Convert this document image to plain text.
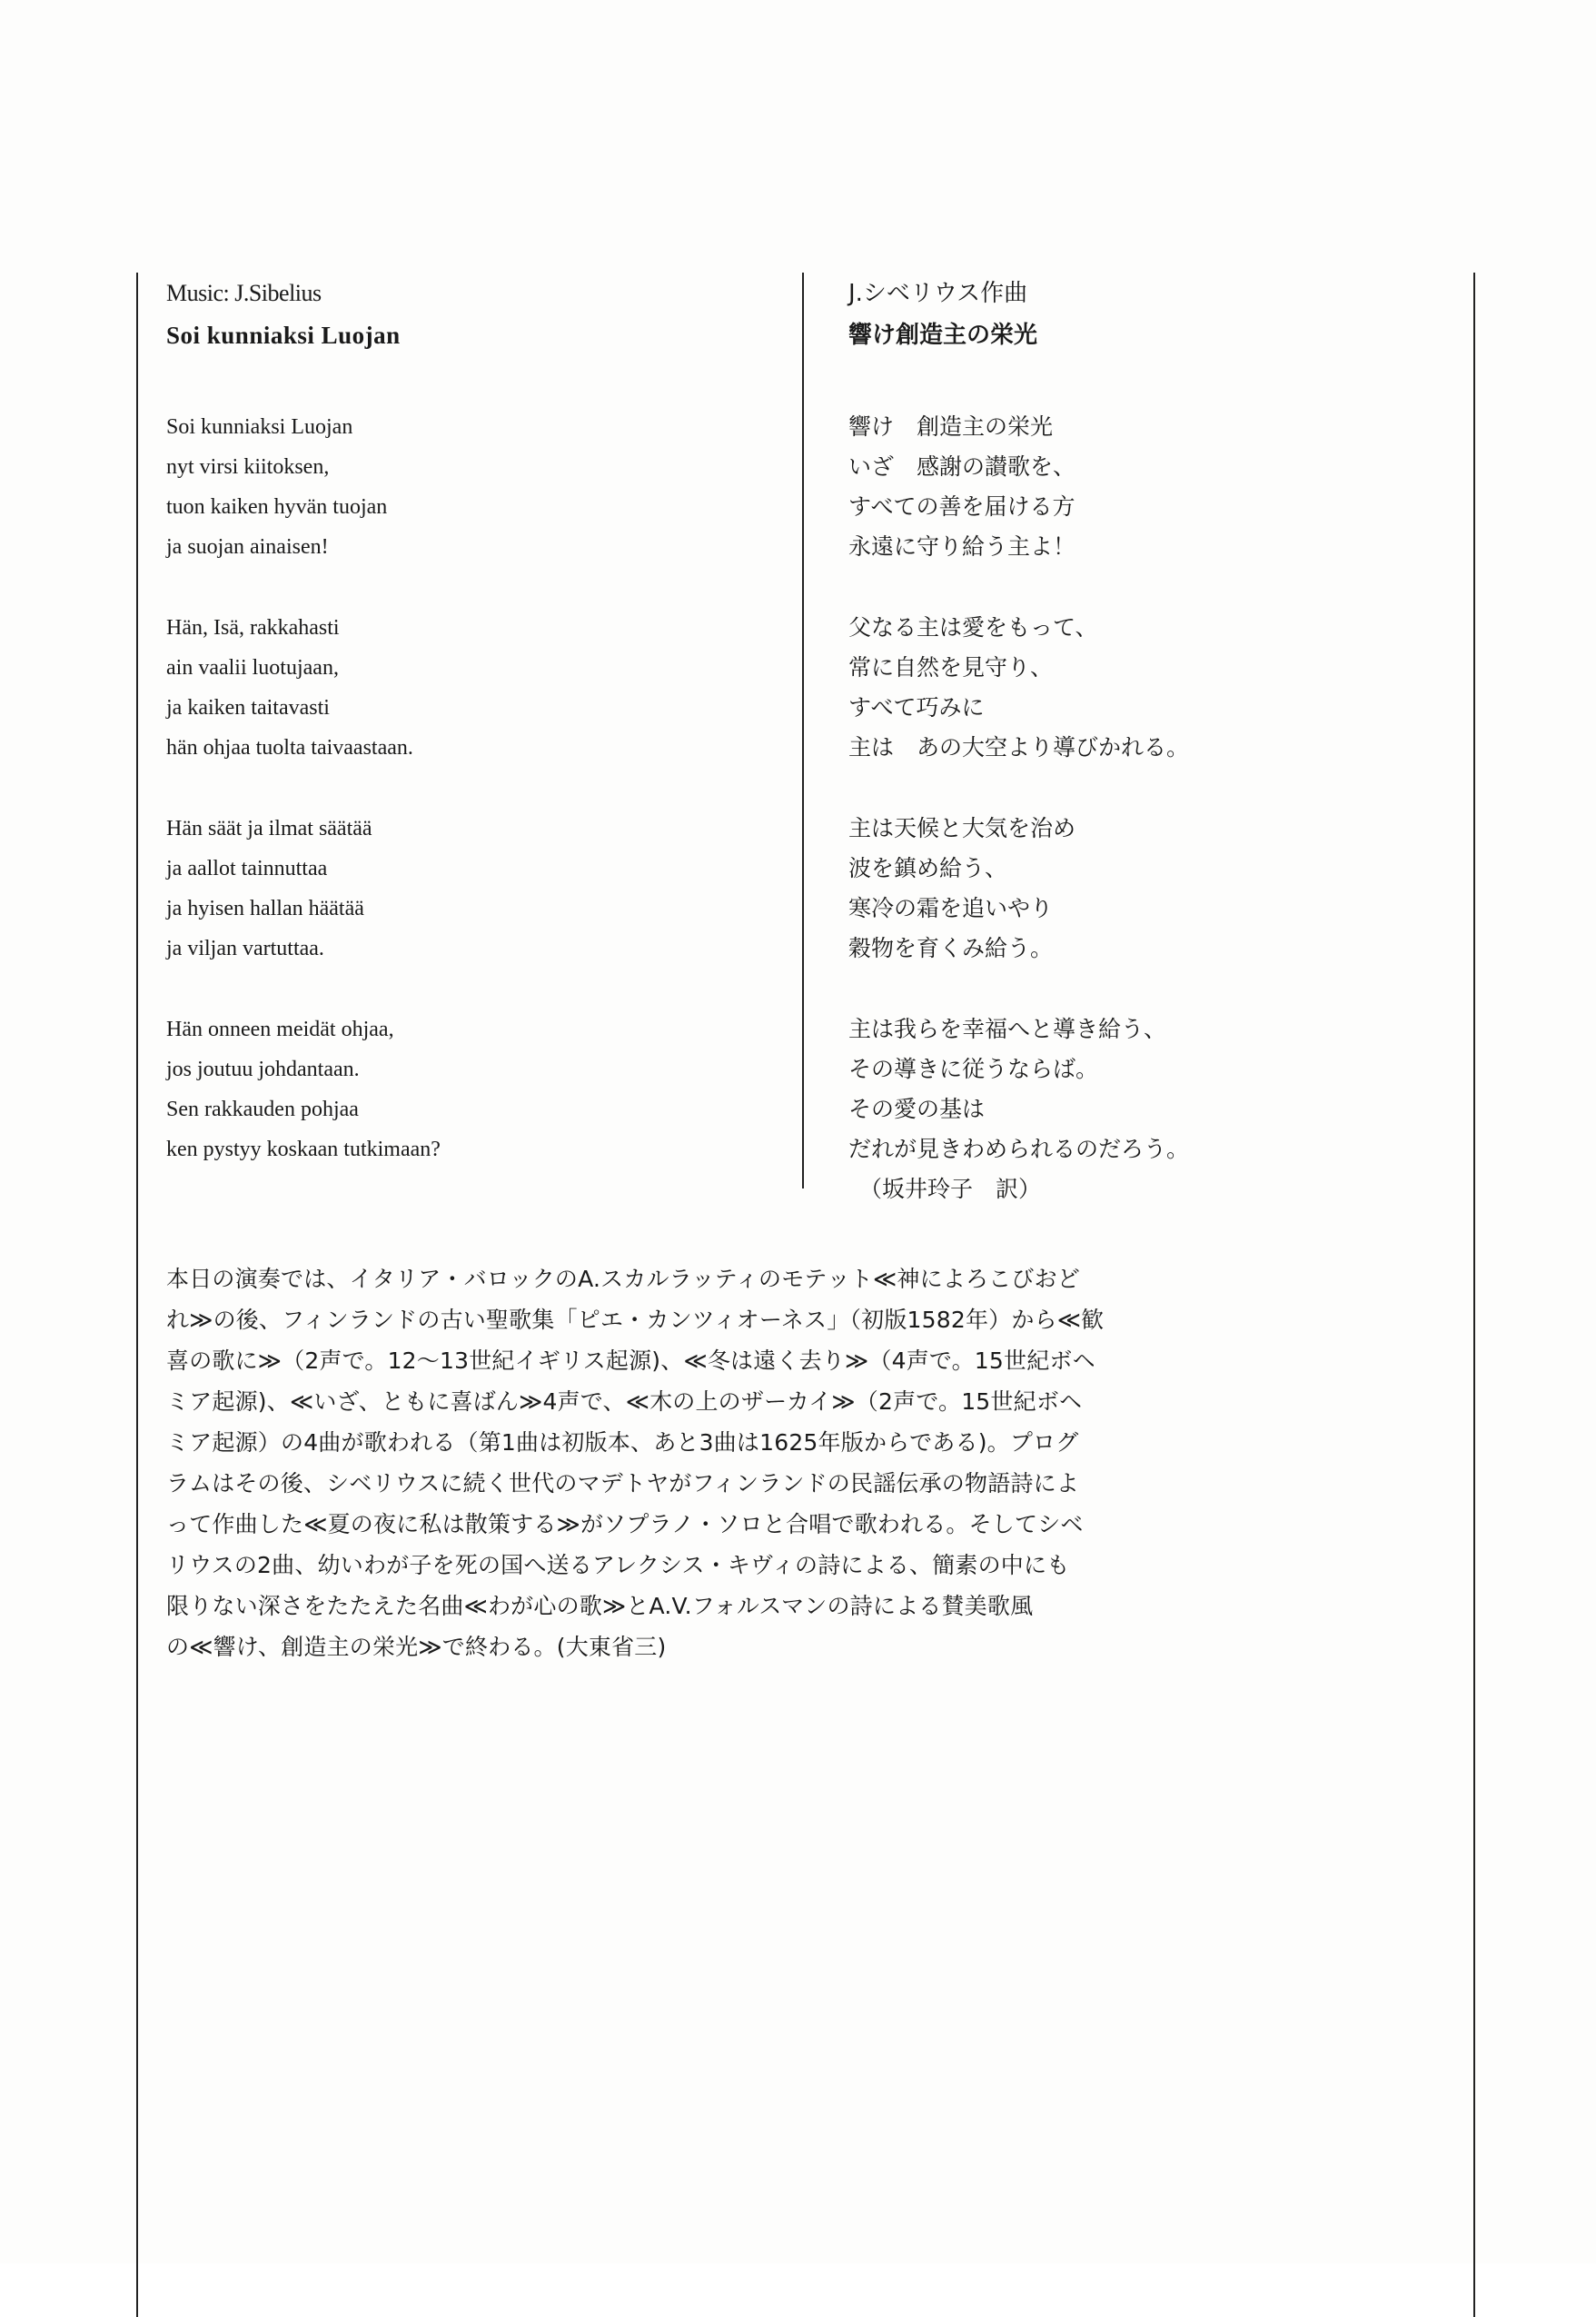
Music: J.Sibelius
Soi kunniaksi Luojan
Soi kunniaksi Luojan
nyt virsi kiitoksen,
tuon kaiken hyvän tuojan
ja suojan ainaisen!
Hän, Isä, rakkahasti
ain vaalii luotujaan,
ja kaiken taitavasti
hän ohjaa tuolta taivaastaan.
Hän säät ja ilmat säätää
ja aallot tainnuttaa
ja hyisen hallan häätää
ja viljan vartuttaa.
Hän onneen meidät ohjaa,
jos joutuu johdantaan.
Sen rakkauden pohjaa
ken pystyy koskaan tutkimaan?
J.シベリウス作曲
響け創造主の栄光
響け　創造主の栄光
いざ　感謝の讃歌を、
すべての善を届ける方
永遠に守り給う主よ！
父なる主は愛をもって、
常に自然を見守り、
すべて巧みに
主は　あの大空より導びかれる。
主は天候と大気を治め
波を鎮め給う、
寒冷の霜を追いやり
穀物を育くみ給う。
主は我らを幸福へと導き給う、
その導きに従うならば。
その愛の基は
だれが見きわめられるのだろう。
（坂井玲子　訳）
本日の演奏では、イタリア・バロックのA.スカルラッティのモテット≪神によろこびおど
れ≫の後、フィンランドの古い聖歌集「ピエ・カンツィオーネス」（初版1582年）から≪歓
喜の歌に≫（2声で。12～13世紀イギリス起源)、≪冬は遠く去り≫（4声で。15世紀ボヘ
ミア起源)、≪いざ、ともに喜ばん≫4声で、≪木の上のザーカイ≫（2声で。15世紀ボヘ
ミア起源）の4曲が歌われる（第1曲は初版本、あと3曲は1625年版からである)。プログ
ラムはその後、シベリウスに続く世代のマデトヤがフィンランドの民謡伝承の物語詩によ
って作曲した≪夏の夜に私は散策する≫がソプラノ・ソロと合唱で歌われる。そしてシベ
リウスの2曲、幼いわが子を死の国へ送るアレクシス・キヴィの詩による、簡素の中にも
限りない深さをたたえた名曲≪わが心の歌≫とA.V.フォルスマンの詩による賛美歌風
の≪響け、創造主の栄光≫で終わる。(大東省三)
